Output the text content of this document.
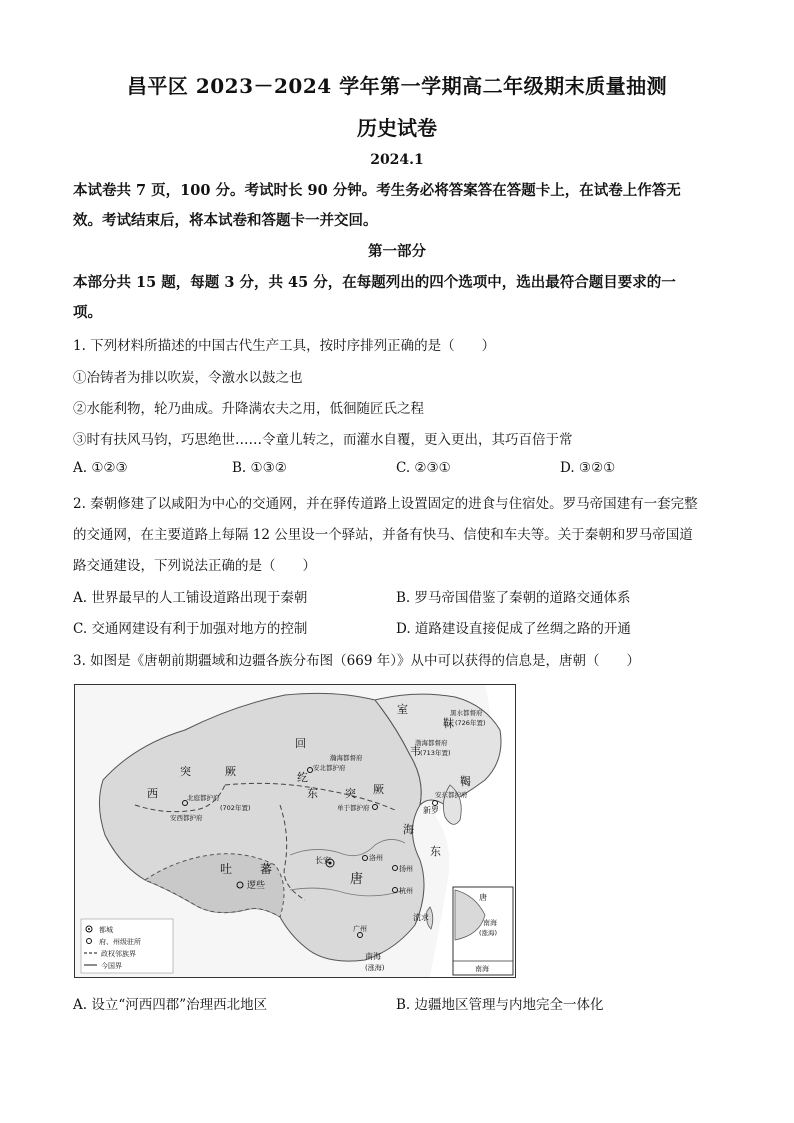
昌平区 2023－2024 学年第一学期高二年级期末质量抽测
历史试卷
2024.1
本试卷共 7 页，100 分。考试时长 90 分钟。考生务必将答案答在答题卡上，在试卷上作答无
效。考试结束后，将本试卷和答题卡一并交回。
第一部分
本部分共 15 题，每题 3 分，共 45 分，在每题列出的四个选项中，选出最符合题目要求的一
项。
1. 下列材料所描述的中国古代生产工具，按时序排列正确的是（　　）
①冶铸者为排以吹炭，令激水以鼓之也
②水能利物，轮乃曲成。升降满农夫之用，低徊随匠氏之程
③时有扶风马钧，巧思绝世……令童儿转之，而灌水自覆，更入更出，其巧百倍于常
A. ①②③	B. ①③②	C. ②③①	D. ③②①
2. 秦朝修建了以咸阳为中心的交通网，并在驿传道路上设置固定的进食与住宿处。罗马帝国建有一套完整
的交通网，在主要道路上每隔 12 公里设一个驿站，并备有快马、信使和车夫等。关于秦朝和罗马帝国道
路交通建设，下列说法正确的是（　　）
A. 世界最早的人工铺设道路出现于秦朝	B. 罗马帝国借鉴了秦朝的道路交通体系
C. 交通网建设有利于加强对地方的控制	D. 道路建设直接促成了丝绸之路的开通
3. 如图是《唐朝前期疆域和边疆各族分布图（669 年）》从中可以获得的信息是，唐朝（　　）
室
韦
靺
鞨
回
纥
突	厥
西	东 突 厥
吐 蕃
唐
海
东
新罗
长安	洛州
扬州
杭州
广州
逻些
流求
南海
(涨海)
黑水都督府
(726年置)
渤海都督府
(713年置)
安北都护府
瀚海都督府
北庭都护府
(702年置)
安西都护府
单于都护府
安东都护府
唐
南海
(涨海)
南海
都城
府、州级驻所
政权邻族界
今国界
A. 设立“河西四郡”治理西北地区	B. 边疆地区管理与内地完全一体化
